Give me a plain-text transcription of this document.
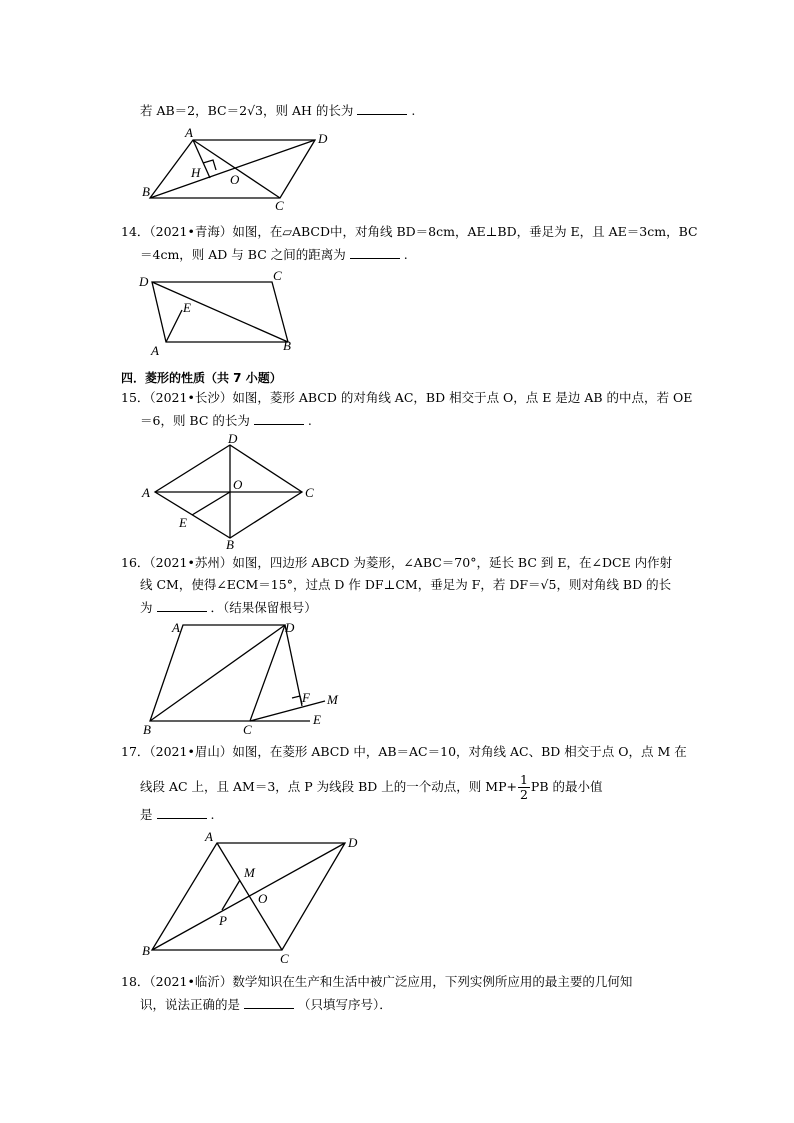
若 AB＝2，BC＝2√3，则 AH 的长为	.
A	D
H O
B
C
14．（2021•青海）如图，在▱ABCD中，对角线 BD＝8cm，AE⊥BD，垂足为 E，且 AE＝3cm，BC
＝4cm，则 AD 与 BC 之间的距离为	.
D	C
E
A	B
四．菱形的性质（共 7 小题）
15．（2021•长沙）如图，菱形 ABCD 的对角线 AC，BD 相交于点 O，点 E 是边 AB 的中点，若 OE
＝6，则 BC 的长为	.
D
A
O
C
E
B
16．（2021•苏州）如图，四边形 ABCD 为菱形，∠ABC＝70°，延长 BC 到 E，在∠DCE 内作射
线 CM，使得∠ECM＝15°，过点 D 作 DF⊥CM，垂足为 F，若 DF＝√5，则对角线 BD 的长
为	．（结果保留根号）
A	D
F M
B	C
E
17．（2021•眉山）如图，在菱形 ABCD 中，AB＝AC＝10，对角线 AC、BD 相交于点 O，点 M 在
线段 AC 上，且 AM＝3，点 P 为线段 BD 上的一个动点，则 $MP+ \frac{1}{2}$ PB 的最小值
是	.
A	D
M
O
P
B
C
18．（2021•临沂）数学知识在生产和生活中被广泛应用，下列实例所应用的最主要的几何知
识，说法正确的是	（只填写序号）．
